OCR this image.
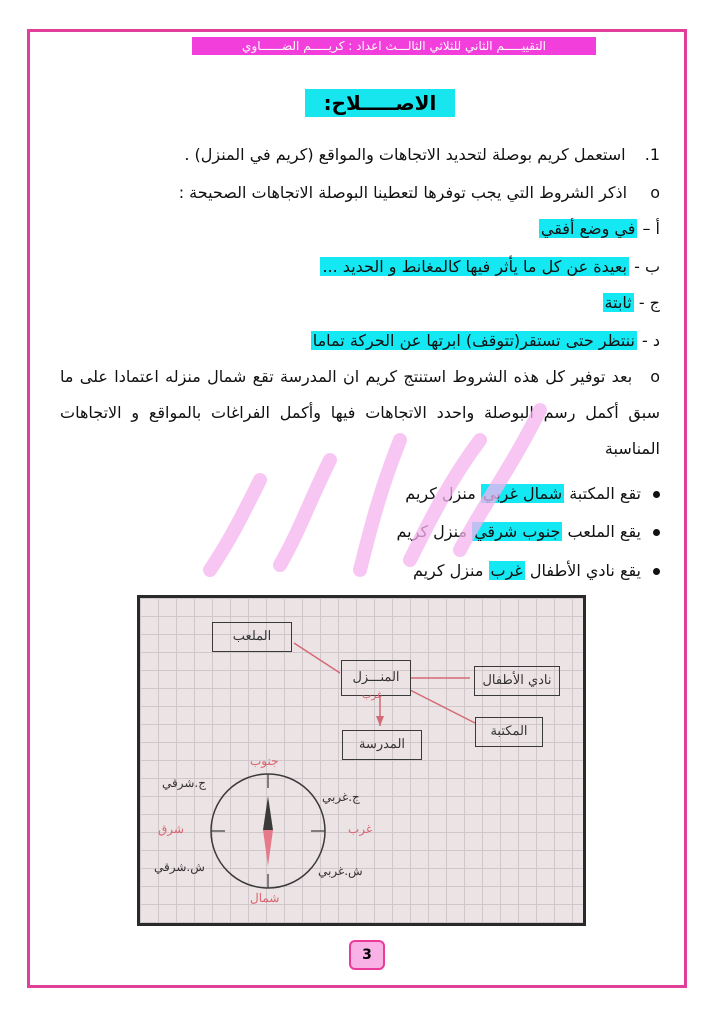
التقييـــــم الثاني للثلاثي الثالـــث اعداد : كريـــــم الضــــــاوي
الاصـــــلاح:
1. استعمل كريم بوصلة لتحديد الاتجاهات والمواقع (كريم في المنزل) .
o اذكر الشروط التي يجب توفرها لتعطينا البوصلة الاتجاهات الصحيحة :
أ – في وضع أفقي
ب - بعيدة عن كل ما يأثر فيها كالمغانط و الحديد ...
ج - ثابتة
د - ننتظر حتى تستقر(تتوقف) ابرتها عن الحركة تماما
oبعد توفير كل هذه الشروط استنتج كريم ان المدرسة تقع شمال منزله اعتمادا على ما سبق أكمل رسم البوصلة واحدد الاتجاهات فيها وأكمل الفراغات بالمواقع و الاتجاهات المناسبة
تقع المكتبة شمال غربي منزل كريم
يقع الملعب جنوب شرقي منزل كريم
يقع نادي الأطفال غرب منزل كريم
الملعب
المنـــزل
غرب
نادي الأطفال
المكتبة
المدرسة
جنوب
شمال
شرق	غرب
ج.شرقي
ج.غربي
ش.شرقي	ش.غربي
3
